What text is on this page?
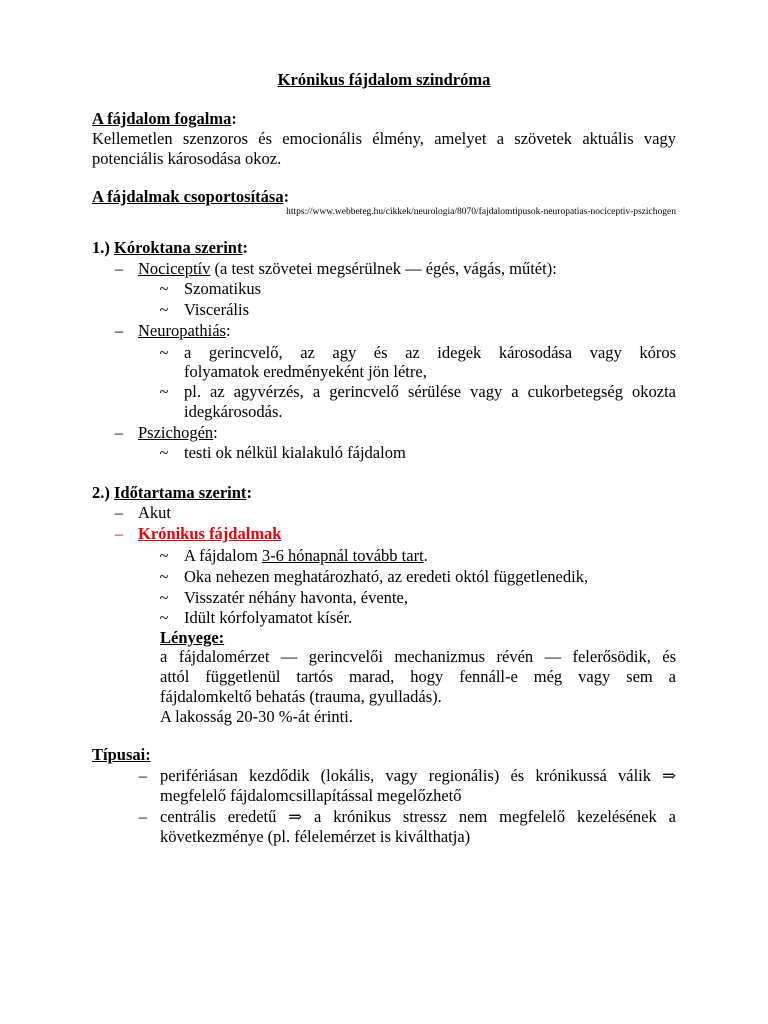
Krónikus fájdalom szindróma
A fájdalom fogalma:
Kellemetlen szenzoros és emocionális élmény, amelyet a szövetek aktuális vagy
potenciális károsodása okoz.
A fájdalmak csoportosítása:
https://www.webbeteg.hu/cikkek/neurologia/8070/fajdalomtipusok-neuropatias-nociceptiv-pszichogen
1.) Kóroktana szerint:
– Nociceptív (a test szövetei megsérülnek — égés, vágás, műtét):
~ Szomatikus
~ Viscerális
– Neuropathiás:
~ a gerincvelő, az agy és az idegek károsodása vagy kóros
folyamatok eredményeként jön létre,
~ pl. az agyvérzés, a gerincvelő sérülése vagy a cukorbetegség okozta
idegkárosodás.
– Pszichogén:
~ testi ok nélkül kialakuló fájdalom
2.) Időtartama szerint:
– Akut
– Krónikus fájdalmak
~ A fájdalom 3-6 hónapnál tovább tart.
~ Oka nehezen meghatározható, az eredeti októl függetlenedik,
~ Visszatér néhány havonta, évente,
~ Idült kórfolyamatot kísér.
Lényege:
a fájdalomérzet — gerincvelői mechanizmus révén — felerősödik, és
attól függetlenül tartós marad, hogy fennáll-e még vagy sem a
fájdalomkeltő behatás (trauma, gyulladás).
A lakosság 20-30 %-át érinti.
Típusai:
– perifériásan kezdődik (lokális, vagy regionális) és krónikussá válik ⇒
megfelelő fájdalomcsillapítással megelőzhető
– centrális eredetű ⇒ a krónikus stressz nem megfelelő kezelésének a
következménye (pl. félelemérzet is kiválthatja)
